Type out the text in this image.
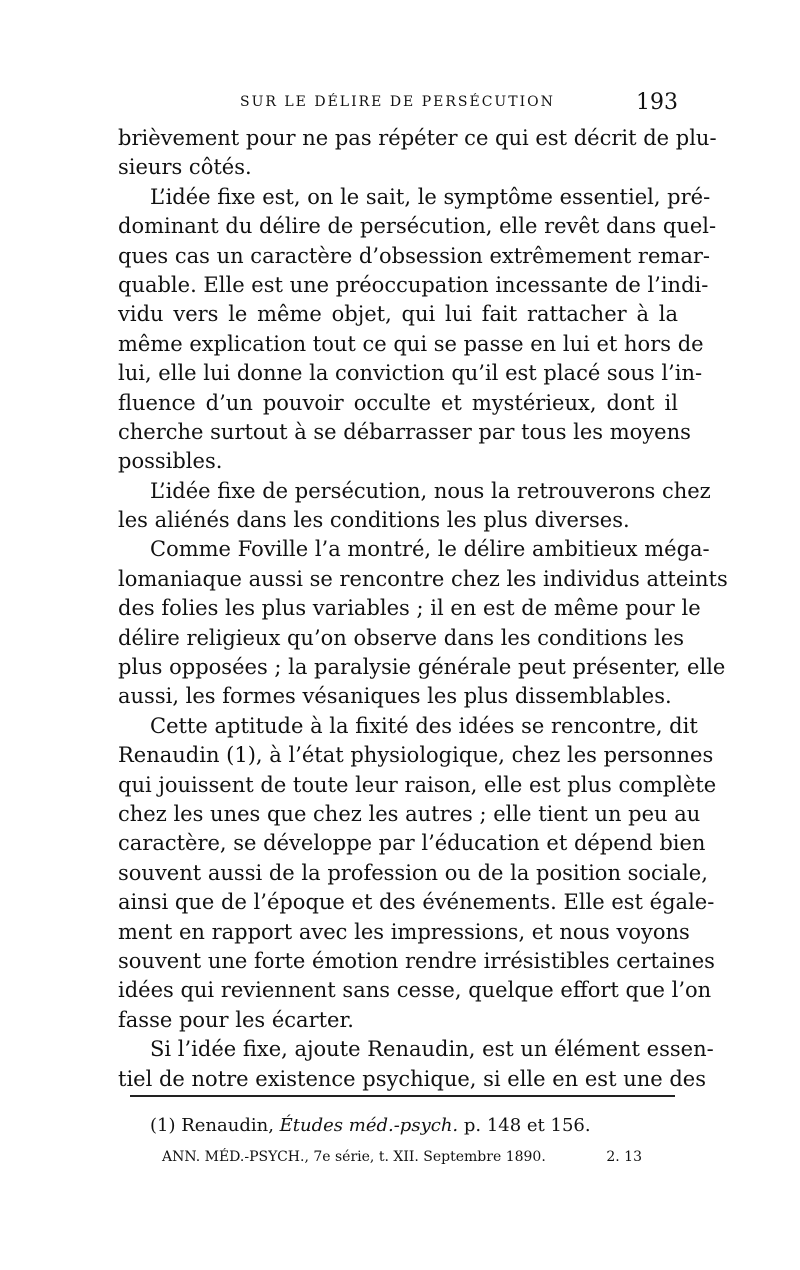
SUR LE DÉLIRE DE PERSÉCUTION	193
brièvement pour ne pas répéter ce qui est décrit de plu-
sieurs côtés.
L’idée fixe est, on le sait, le symptôme essentiel, pré-
dominant du délire de persécution, elle revêt dans quel-
ques cas un caractère d’obsession extrêmement remar-
quable. Elle est une préoccupation incessante de l’indi-
vidu vers le même objet, qui lui fait rattacher à la
même explication tout ce qui se passe en lui et hors de
lui, elle lui donne la conviction qu’il est placé sous l’in-
fluence d’un pouvoir occulte et mystérieux, dont il
cherche surtout à se débarrasser par tous les moyens
possibles.
L’idée fixe de persécution, nous la retrouverons chez
les aliénés dans les conditions les plus diverses.
Comme Foville l’a montré, le délire ambitieux méga-
lomaniaque aussi se rencontre chez les individus atteints
des folies les plus variables ; il en est de même pour le
délire religieux qu’on observe dans les conditions les
plus opposées ; la paralysie générale peut présenter, elle
aussi, les formes vésaniques les plus dissemblables.
Cette aptitude à la fixité des idées se rencontre, dit
Renaudin (1), à l’état physiologique, chez les personnes
qui jouissent de toute leur raison, elle est plus complète
chez les unes que chez les autres ; elle tient un peu au
caractère, se développe par l’éducation et dépend bien
souvent aussi de la profession ou de la position sociale,
ainsi que de l’époque et des événements. Elle est égale-
ment en rapport avec les impressions, et nous voyons
souvent une forte émotion rendre irrésistibles certaines
idées qui reviennent sans cesse, quelque effort que l’on
fasse pour les écarter.
Si l’idée fixe, ajoute Renaudin, est un élément essen-
tiel de notre existence psychique, si elle en est une des
(1) Renaudin, Études méd.-psych. p. 148 et 156.
ANN. MÉD.-PSYCH., 7e série, t. XII. Septembre 1890.	2. 13
